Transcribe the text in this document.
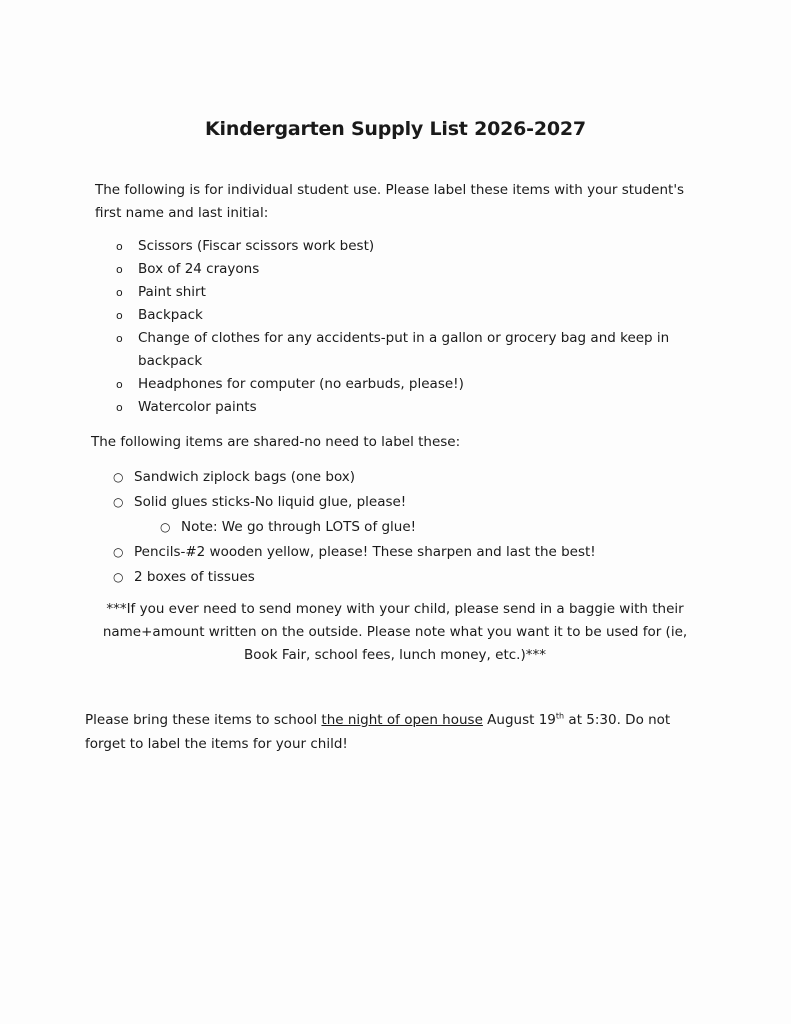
Kindergarten Supply List 2026-2027
The following is for individual student use. Please label these items with your student's first name and last initial:
o Scissors (Fiscar scissors work best)
o Box of 24 crayons
o Paint shirt
o Backpack
o Change of clothes for any accidents-put in a gallon or grocery bag and keep in backpack
o Headphones for computer (no earbuds, please!)
o Watercolor paints
The following items are shared-no need to label these:
○ Sandwich ziplock bags (one box)
○ Solid glues sticks-No liquid glue, please!
○ Note: We go through LOTS of glue!
○ Pencils-#2 wooden yellow, please! These sharpen and last the best!
○ 2 boxes of tissues
***If you ever need to send money with your child, please send in a baggie with their name+amount written on the outside. Please note what you want it to be used for (ie, Book Fair, school fees, lunch money, etc.)***
Please bring these items to school the night of open house August 19th at 5:30. Do not forget to label the items for your child!
